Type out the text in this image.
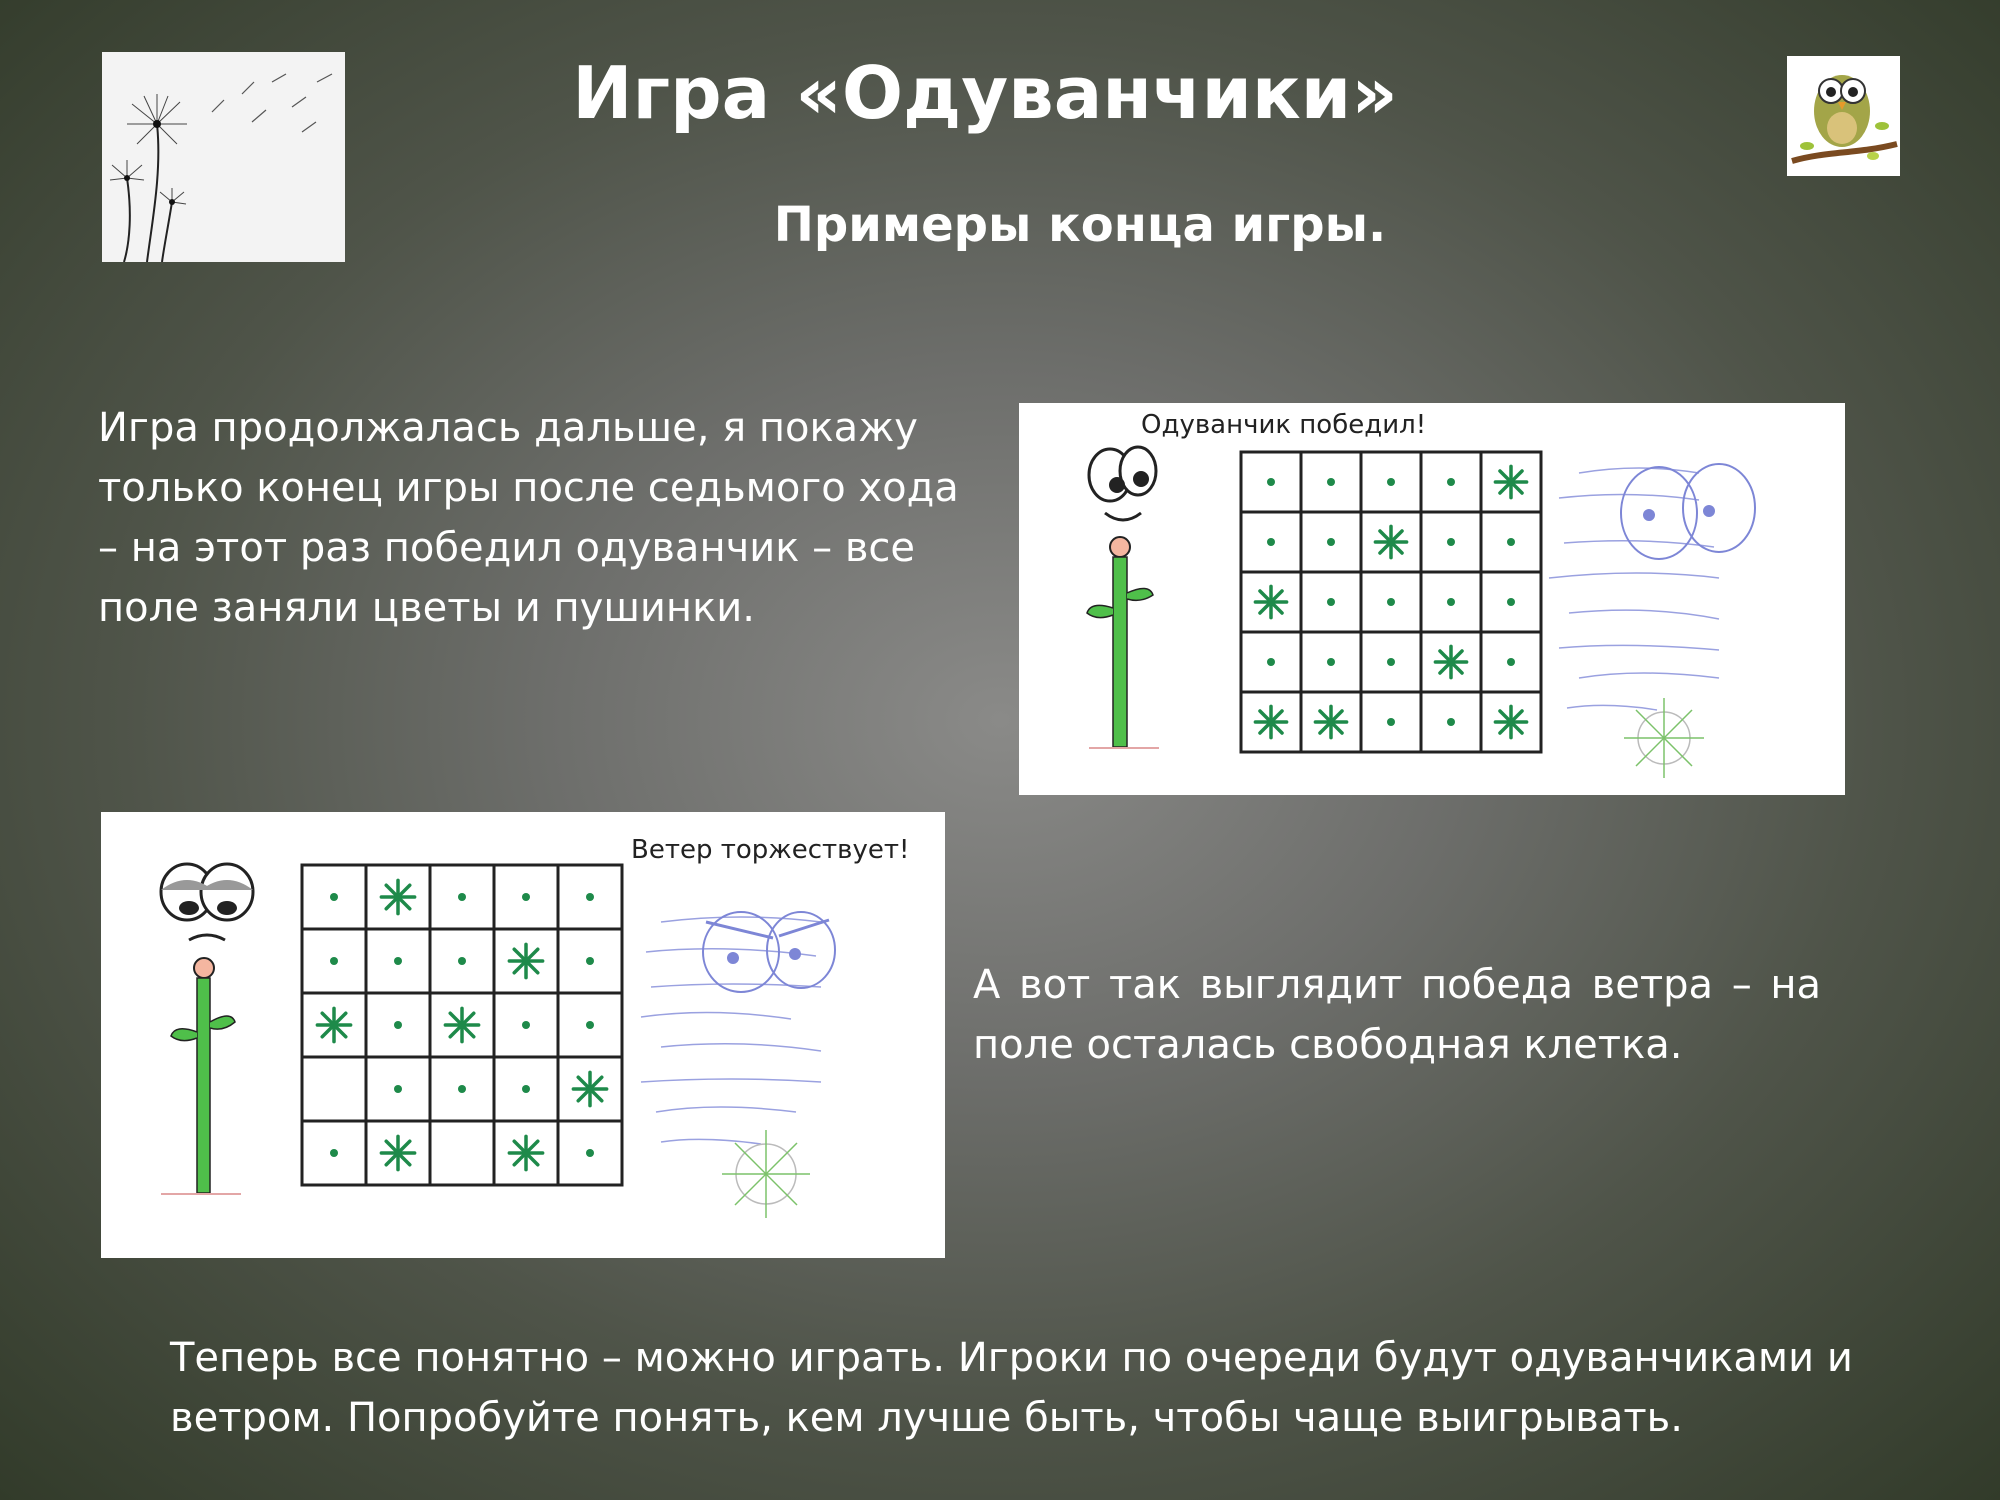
Игра «Одуванчики»
Примеры конца игры.
Игра продолжалась дальше, я покажу только конец игры после седьмого хода – на этот раз победил одуванчик – все поле заняли цветы и пушинки.
Одуванчик победил!
Ветер торжествует!
А вот так выглядит победа ветра – на поле осталась свободная клетка.
Теперь все понятно – можно играть. Игроки по очереди будут одуванчиками и ветром. Попробуйте понять, кем лучше быть, чтобы чаще выигрывать.
